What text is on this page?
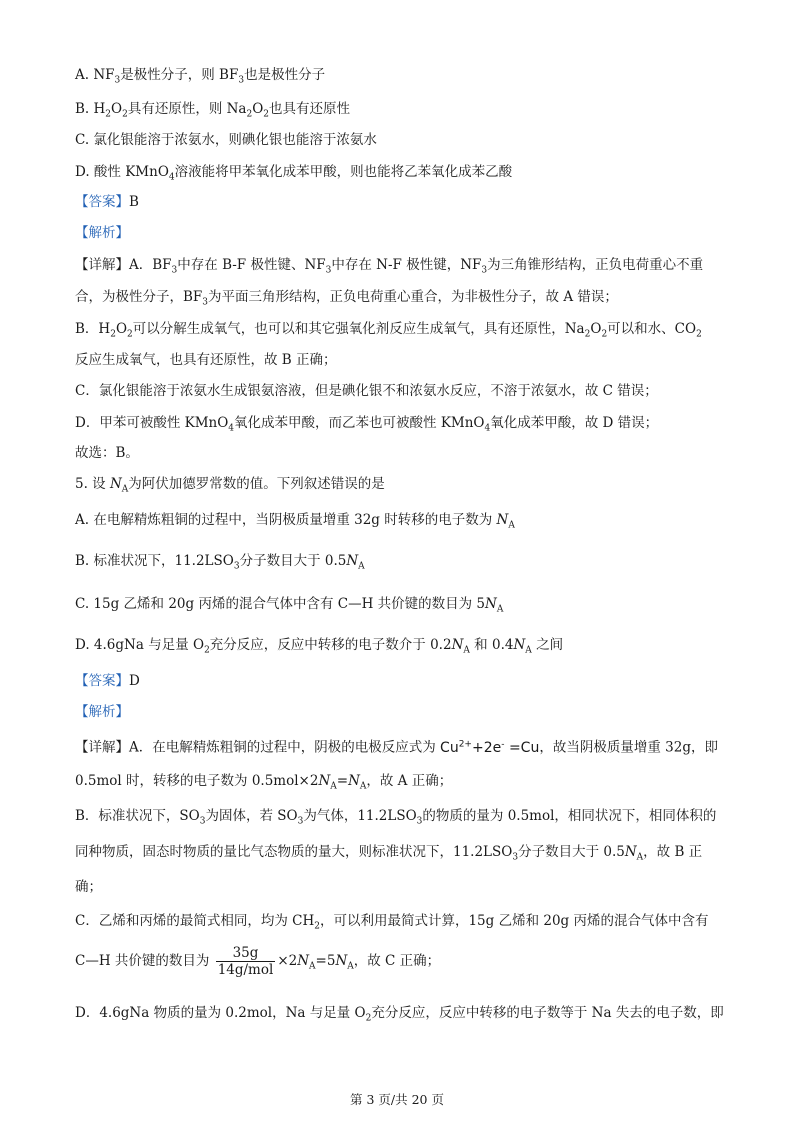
A. $NF_3$是极性分子，则 $BF_3$也是极性分子
B. $H_2O_2$具有还原性，则 $Na_2O_2$也具有还原性
C. 氯化银能溶于浓氨水，则碘化银也能溶于浓氨水
D. 酸性 KMnO$_4$溶液能将甲苯氧化成苯甲酸，则也能将乙苯氧化成苯乙酸
【答案】B
【解析】
【详解】A．$BF_3$中存在 B-F 极性键、$NF_3$中存在 N-F 极性键，$NF_3$为三角锥形结构，正负电荷重心不重
合，为极性分子，$BF_3$为平面三角形结构，正负电荷重心重合，为非极性分子，故 A 错误；
B．$H_2O_2$可以分解生成氧气，也可以和其它强氧化剂反应生成氧气，具有还原性，$Na_2O_2$可以和水、$CO_2$
反应生成氧气，也具有还原性，故 B 正确；
C．氯化银能溶于浓氨水生成银氨溶液，但是碘化银不和浓氨水反应，不溶于浓氨水，故 C 错误；
D．甲苯可被酸性 KMnO$_4$氧化成苯甲酸，而乙苯也可被酸性 KMnO$_4$氧化成苯甲酸，故 D 错误；
故选：B。
5. 设 $N_A$为阿伏加德罗常数的值。下列叙述错误的是
A. 在电解精炼粗铜的过程中，当阴极质量增重 32g 时转移的电子数为 $N_A$
B. 标准状况下，$11.2LSO_3$分子数目大于 $0.5N_A$
C. 15g 乙烯和 20g 丙烯的混合气体中含有 C—H 共价键的数目为 $5N_A$
D. 4.6gNa 与足量 $O_2$充分反应，反应中转移的电子数介于 $0.2N_A$ 和 $0.4N_A$ 之间
【答案】D
【解析】
【详解】A．在电解精炼粗铜的过程中，阴极的电极反应式为 $Cu^{2+}+2e^- =Cu$，故当阴极质量增重 32g，即
0.5mol 时，转移的电子数为 $0.5mol\times 2N_A=N_A$，故 A 正确；
B．标准状况下，$SO_3$为固体，若 $SO_3$为气体，$11.2LSO_3$的物质的量为 0.5mol，相同状况下，相同体积的
同种物质，固态时物质的量比气态物质的量大，则标准状况下，$11.2LSO_3$分子数目大于 $0.5N_A$，故 B 正
确；
C．乙烯和丙烯的最简式相同，均为 $CH_2$，可以利用最简式计算，15g 乙烯和 20g 丙烯的混合气体中含有
C—H 共价键的数目为 $\frac{35g}{\text{14g/mol}} \times 2N_A=5N_A$，故 C 正确；
D．4.6gNa 物质的量为 0.2mol，Na 与足量 $O_2$充分反应，反应中转移的电子数等于 Na 失去的电子数，即
第 3 页/共 20 页
